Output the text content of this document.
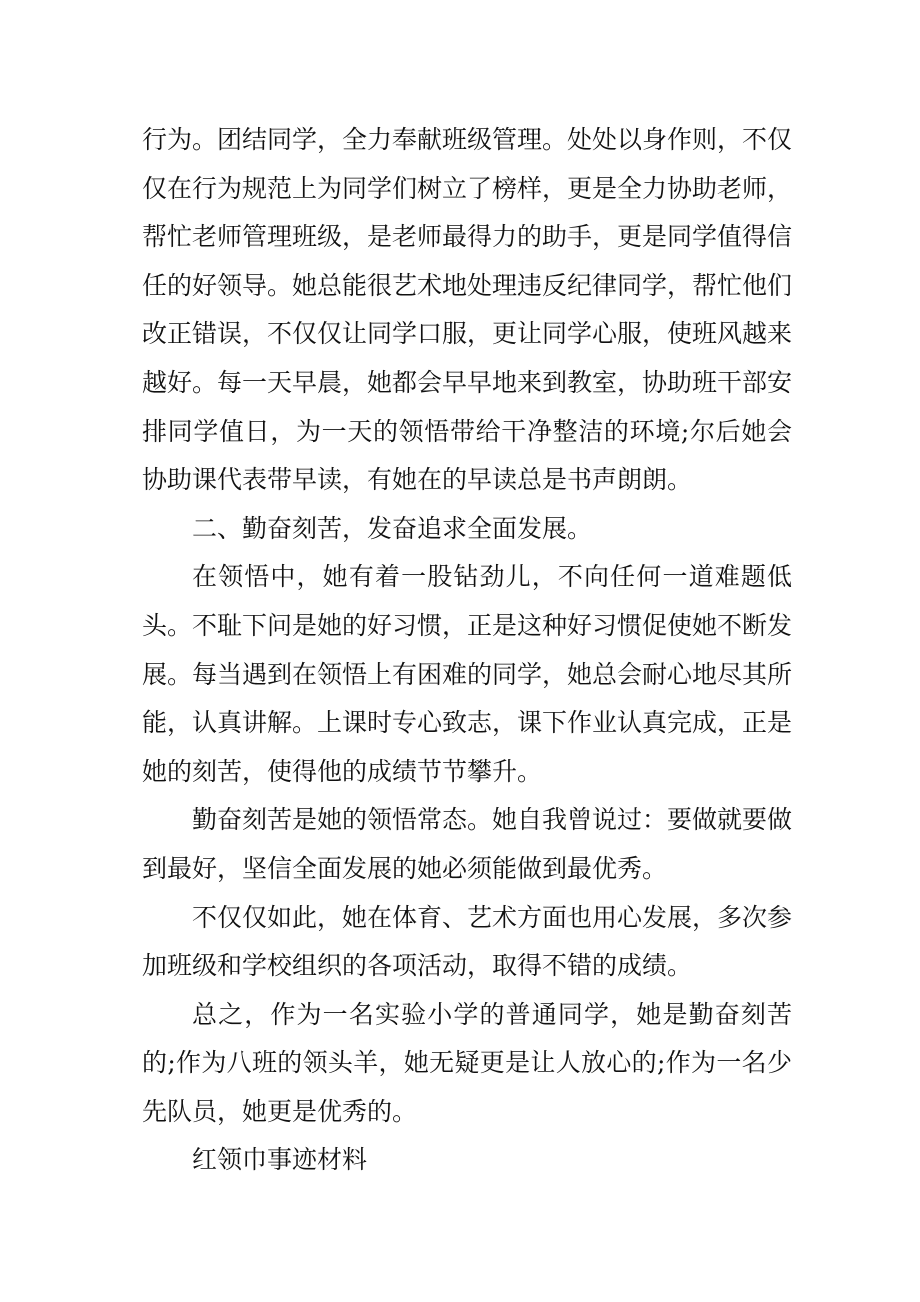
行为。团结同学，全力奉献班级管理。处处以身作则，不仅仅在行为规范上为同学们树立了榜样，更是全力协助老师，帮忙老师管理班级，是老师最得力的助手，更是同学值得信任的好领导。她总能很艺术地处理违反纪律同学，帮忙他们改正错误，不仅仅让同学口服，更让同学心服，使班风越来越好。每一天早晨，她都会早早地来到教室，协助班干部安排同学值日，为一天的领悟带给干净整洁的环境;尔后她会协助课代表带早读，有她在的早读总是书声朗朗。

二、勤奋刻苦，发奋追求全面发展。

在领悟中，她有着一股钻劲儿，不向任何一道难题低头。不耻下问是她的好习惯，正是这种好习惯促使她不断发展。每当遇到在领悟上有困难的同学，她总会耐心地尽其所能，认真讲解。上课时专心致志，课下作业认真完成，正是她的刻苦，使得他的成绩节节攀升。

勤奋刻苦是她的领悟常态。她自我曾说过：要做就要做到最好，坚信全面发展的她必须能做到最优秀。

不仅仅如此，她在体育、艺术方面也用心发展，多次参加班级和学校组织的各项活动，取得不错的成绩。

总之，作为一名实验小学的普通同学，她是勤奋刻苦的;作为八班的领头羊，她无疑更是让人放心的;作为一名少先队员，她更是优秀的。

红领巾事迹材料
